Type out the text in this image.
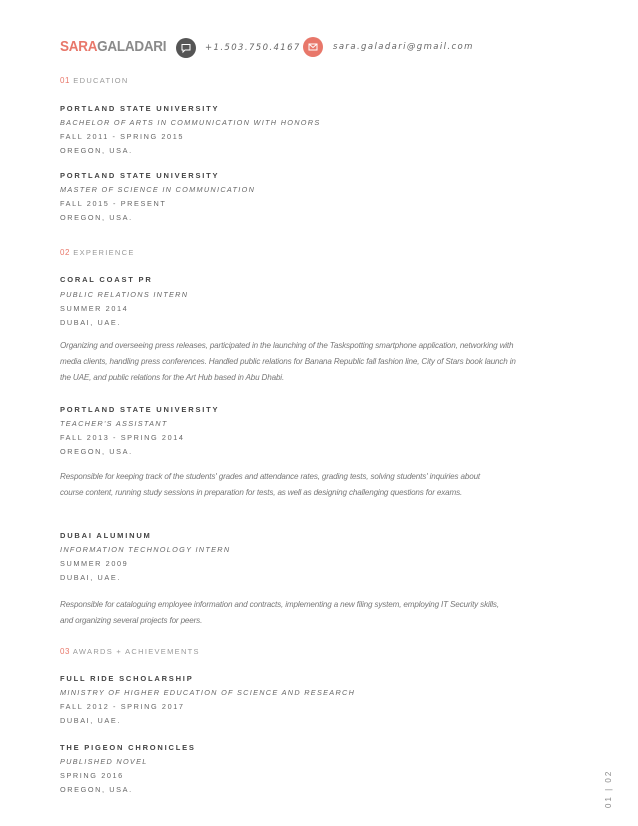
SARAGALADARI	+1.503.750.4167	sara.galadari@gmail.com
01 EDUCATION
PORTLAND STATE UNIVERSITY
BACHELOR OF ARTS IN COMMUNICATION WITH HONORS
FALL 2011 - SPRING 2015
OREGON, USA.
PORTLAND STATE UNIVERSITY
MASTER OF SCIENCE IN COMMUNICATION
FALL 2015 - PRESENT
OREGON, USA.
02 EXPERIENCE
CORAL COAST PR
PUBLIC RELATIONS INTERN
SUMMER 2014
DUBAI, UAE.
Organizing and overseeing press releases, participated in the launching of the Taskspotting smartphone application, networking with media clients, handling press conferences. Handled public relations for Banana Republic fall fashion line, City of Stars book launch in the UAE, and public relations for the Art Hub based in Abu Dhabi.
PORTLAND STATE UNIVERSITY
TEACHER'S ASSISTANT
FALL 2013 - SPRING 2014
OREGON, USA.
Responsible for keeping track of the students' grades and attendance rates, grading tests, solving students' inquiries about course content, running study sessions in preparation for tests, as well as designing challenging questions for exams.
DUBAI ALUMINUM
INFORMATION TECHNOLOGY INTERN
SUMMER 2009
DUBAI, UAE.
Responsible for cataloguing employee information and contracts, implementing a new filing system, employing IT Security skills, and organizing several projects for peers.
03 AWARDS + ACHIEVEMENTS
FULL RIDE SCHOLARSHIP
MINISTRY OF HIGHER EDUCATION OF SCIENCE AND RESEARCH
FALL 2012 - SPRING 2017
DUBAI, UAE.
THE PIGEON CHRONICLES
PUBLISHED NOVEL
SPRING 2016
OREGON, USA.	01 | 02
